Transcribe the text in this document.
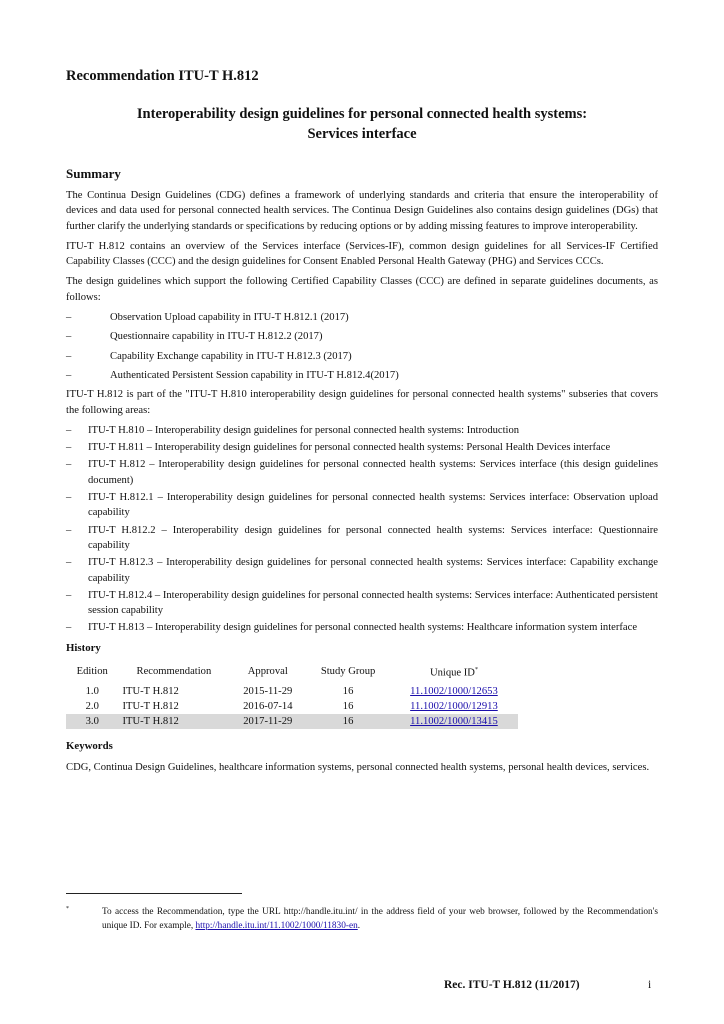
Recommendation ITU-T H.812
Interoperability design guidelines for personal connected health systems:
Services interface
Summary

The Continua Design Guidelines (CDG) defines a framework of underlying standards and criteria that ensure the interoperability of devices and data used for personal connected health services. The Continua Design Guidelines also contains design guidelines (DGs) that further clarify the underlying standards or specifications by reducing options or by adding missing features to improve interoperability.

ITU-T H.812 contains an overview of the Services interface (Services-IF), common design guidelines for all Services-IF Certified Capability Classes (CCC) and the design guidelines for Consent Enabled Personal Health Gateway (PHG) and Services CCCs.

The design guidelines which support the following Certified Capability Classes (CCC) are defined in separate guidelines documents, as follows:

–	Observation Upload capability in ITU-T H.812.1 (2017)
–	Questionnaire capability in ITU-T H.812.2 (2017)
–	Capability Exchange capability in ITU-T H.812.3 (2017)
–	Authenticated Persistent Session capability in ITU-T H.812.4(2017)

ITU-T H.812 is part of the "ITU-T H.810 interoperability design guidelines for personal connected health systems" subseries that covers the following areas:

– ITU-T H.810 – Interoperability design guidelines for personal connected health systems: Introduction
– ITU-T H.811 – Interoperability design guidelines for personal connected health systems: Personal Health Devices interface
– ITU-T H.812 – Interoperability design guidelines for personal connected health systems: Services interface (this design guidelines document)
– ITU-T H.812.1 – Interoperability design guidelines for personal connected health systems: Services interface: Observation upload capability
– ITU-T H.812.2 – Interoperability design guidelines for personal connected health systems: Services interface: Questionnaire capability
– ITU-T H.812.3 – Interoperability design guidelines for personal connected health systems: Services interface: Capability exchange capability
– ITU-T H.812.4 – Interoperability design guidelines for personal connected health systems: Services interface: Authenticated persistent session capability
– ITU-T H.813 – Interoperability design guidelines for personal connected health systems: Healthcare information system interface
History
Edition	Recommendation	Approval	Study Group	Unique ID*
1.0	ITU-T H.812	2015-11-29	16	11.1002/1000/12653
2.0	ITU-T H.812	2016-07-14	16	11.1002/1000/12913
3.0	ITU-T H.812	2017-11-29	16	11.1002/1000/13415
Keywords

CDG, Continua Design Guidelines, healthcare information systems, personal connected health systems, personal health devices, services.

*	To access the Recommendation, type the URL http://handle.itu.int/ in the address field of your web browser, followed by the Recommendation's unique ID. For example, http://handle.itu.int/11.1002/1000/11830-en.
Rec. ITU-T H.812 (11/2017)	i
